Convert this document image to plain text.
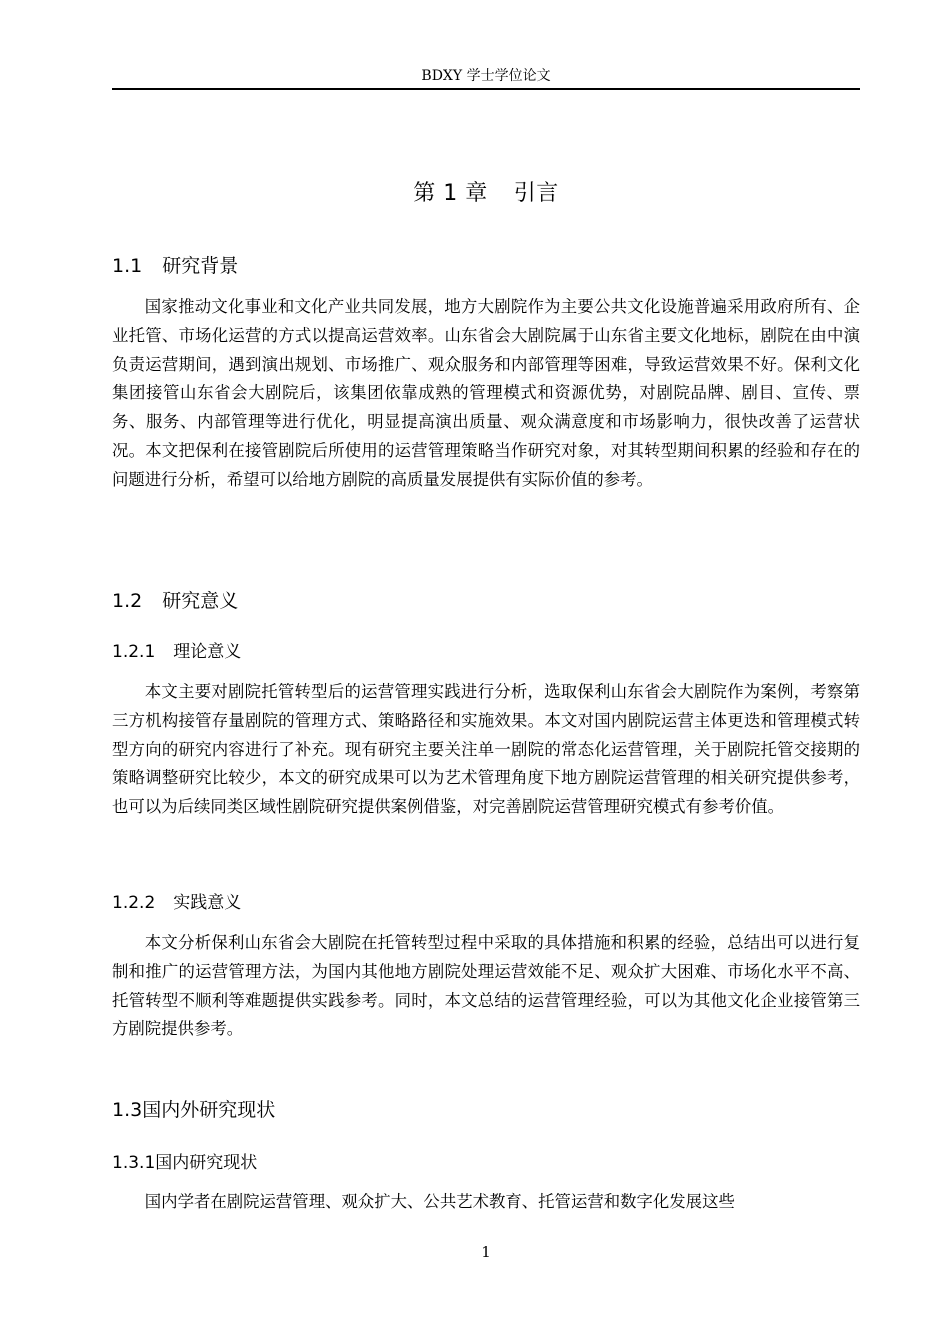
BDXY 学士学位论文
第 1 章 引言
1.1 研究背景

国家推动文化事业和文化产业共同发展，地方大剧院作为主要公共文化设施普遍采用政府所有、企业托管、市场化运营的方式以提高运营效率。山东省会大剧院属于山东省主要文化地标，剧院在由中演负责运营期间，遇到演出规划、市场推广、观众服务和内部管理等困难，导致运营效果不好。保利文化集团接管山东省会大剧院后，该集团依靠成熟的管理模式和资源优势，对剧院品牌、剧目、宣传、票务、服务、内部管理等进行优化，明显提高演出质量、观众满意度和市场影响力，很快改善了运营状况。本文把保利在接管剧院后所使用的运营管理策略当作研究对象，对其转型期间积累的经验和存在的问题进行分析，希望可以给地方剧院的高质量发展提供有实际价值的参考。

1.2 研究意义
1.2.1 理论意义

本文主要对剧院托管转型后的运营管理实践进行分析，选取保利山东省会大剧院作为案例，考察第三方机构接管存量剧院的管理方式、策略路径和实施效果。本文对国内剧院运营主体更迭和管理模式转型方向的研究内容进行了补充。现有研究主要关注单一剧院的常态化运营管理，关于剧院托管交接期的策略调整研究比较少，本文的研究成果可以为艺术管理角度下地方剧院运营管理的相关研究提供参考，也可以为后续同类区域性剧院研究提供案例借鉴，对完善剧院运营管理研究模式有参考价值。

1.2.2 实践意义

本文分析保利山东省会大剧院在托管转型过程中采取的具体措施和积累的经验，总结出可以进行复制和推广的运营管理方法，为国内其他地方剧院处理运营效能不足、观众扩大困难、市场化水平不高、托管转型不顺利等难题提供实践参考。同时，本文总结的运营管理经验，可以为其他文化企业接管第三方剧院提供参考。

1.3国内外研究现状
1.3.1国内研究现状

国内学者在剧院运营管理、观众扩大、公共艺术教育、托管运营和数字化发展这些

1
